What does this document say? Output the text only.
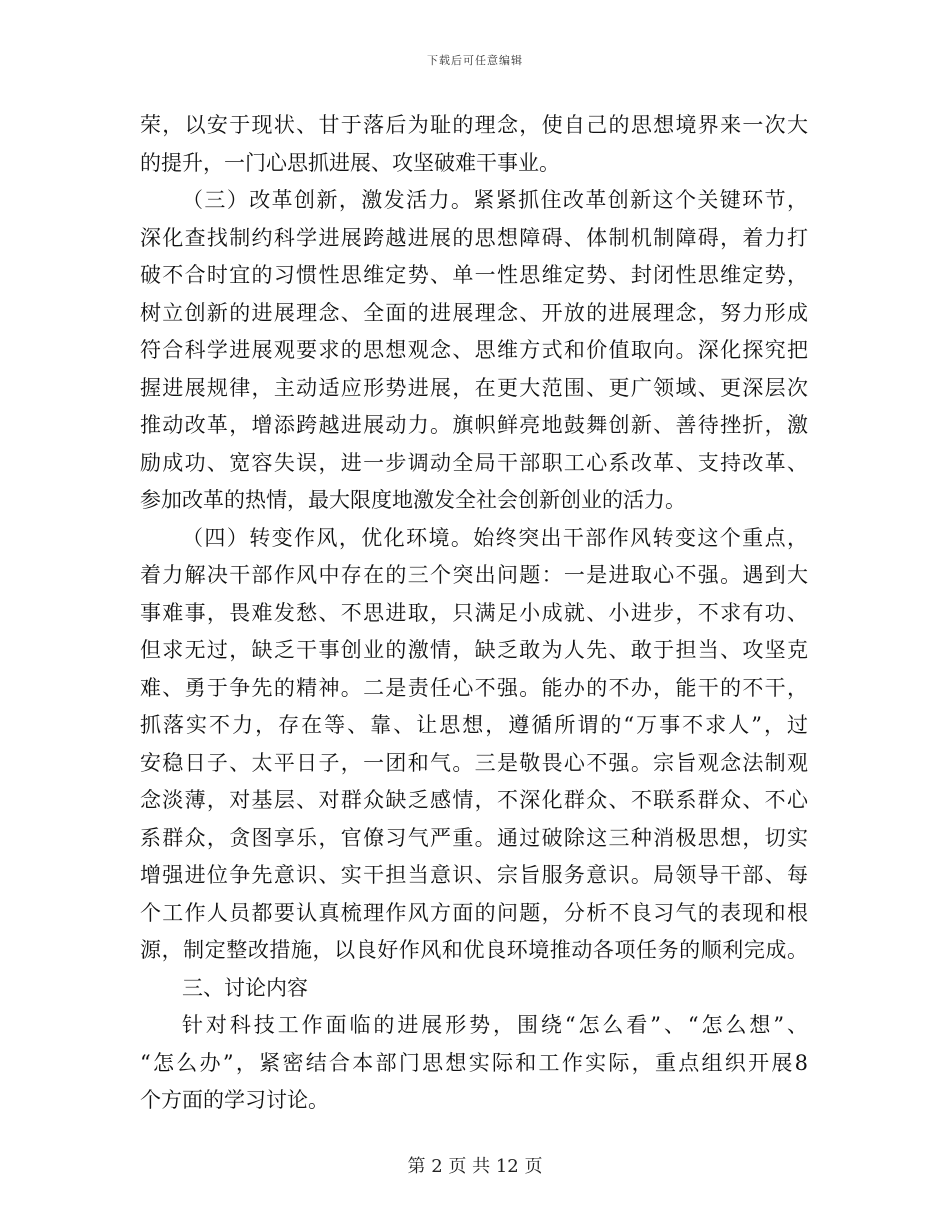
下载后可任意编辑
荣，以安于现状、甘于落后为耻的理念，使自己的思想境界来一次大
的提升，一门心思抓进展、攻坚破难干事业。
（三）改革创新，激发活力。紧紧抓住改革创新这个关键环节，
深化查找制约科学进展跨越进展的思想障碍、体制机制障碍，着力打
破不合时宜的习惯性思维定势、单一性思维定势、封闭性思维定势，
树立创新的进展理念、全面的进展理念、开放的进展理念，努力形成
符合科学进展观要求的思想观念、思维方式和价值取向。深化探究把
握进展规律，主动适应形势进展，在更大范围、更广领域、更深层次
推动改革，增添跨越进展动力。旗帜鲜亮地鼓舞创新、善待挫折，激
励成功、宽容失误，进一步调动全局干部职工心系改革、支持改革、
参加改革的热情，最大限度地激发全社会创新创业的活力。
（四）转变作风，优化环境。始终突出干部作风转变这个重点，
着力解决干部作风中存在的三个突出问题：一是进取心不强。遇到大
事难事，畏难发愁、不思进取，只满足小成就、小进步，不求有功、
但求无过，缺乏干事创业的激情，缺乏敢为人先、敢于担当、攻坚克
难、勇于争先的精神。二是责任心不强。能办的不办，能干的不干，
抓落实不力，存在等、靠、让思想，遵循所谓的“万事不求人”，过
安稳日子、太平日子，一团和气。三是敬畏心不强。宗旨观念法制观
念淡薄，对基层、对群众缺乏感情，不深化群众、不联系群众、不心
系群众，贪图享乐，官僚习气严重。通过破除这三种消极思想，切实
增强进位争先意识、实干担当意识、宗旨服务意识。局领导干部、每
个工作人员都要认真梳理作风方面的问题，分析不良习气的表现和根
源，制定整改措施，以良好作风和优良环境推动各项任务的顺利完成。
三、讨论内容
针对科技工作面临的进展形势，围绕“怎么看”、“怎么想”、
“怎么办”，紧密结合本部门思想实际和工作实际，重点组织开展8
个方面的学习讨论。
第 2 页 共 12 页
